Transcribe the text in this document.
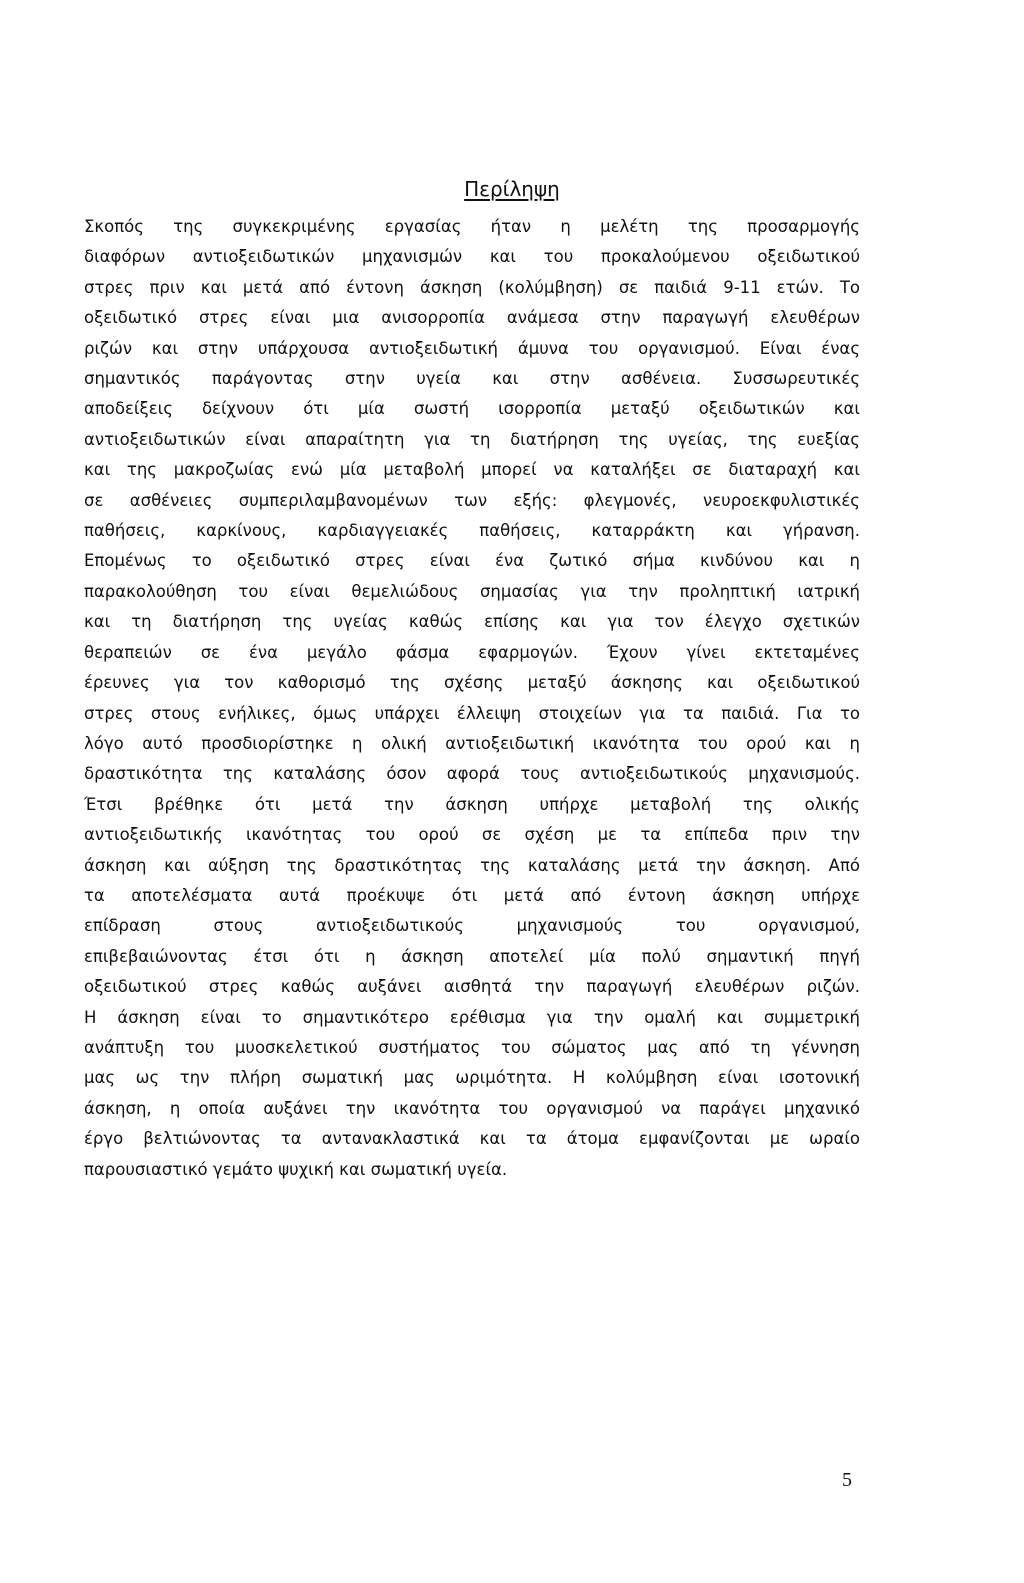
Περίληψη
Σκοπός της συγκεκριμένης εργασίας ήταν η μελέτη της προσαρμογής
διαφόρων αντιοξειδωτικών μηχανισμών και του προκαλούμενου οξειδωτικού
στρες πριν και μετά από έντονη άσκηση (κολύμβηση) σε παιδιά 9-11 ετών. Το
οξειδωτικό στρες είναι μια ανισορροπία ανάμεσα στην παραγωγή ελευθέρων
ριζών και στην υπάρχουσα αντιοξειδωτική άμυνα του οργανισμού. Είναι ένας
σημαντικός παράγοντας στην υγεία και στην ασθένεια. Συσσωρευτικές
αποδείξεις δείχνουν ότι μία σωστή ισορροπία μεταξύ οξειδωτικών και
αντιοξειδωτικών είναι απαραίτητη για τη διατήρηση της υγείας, της ευεξίας
και της μακροζωίας ενώ μία μεταβολή μπορεί να καταλήξει σε διαταραχή και
σε ασθένειες συμπεριλαμβανομένων των εξής: φλεγμονές, νευροεκφυλιστικές
παθήσεις, καρκίνους, καρδιαγγειακές παθήσεις, καταρράκτη και γήρανση.
Επομένως το οξειδωτικό στρες είναι ένα ζωτικό σήμα κινδύνου και η
παρακολούθηση του είναι θεμελιώδους σημασίας για την προληπτική ιατρική
και τη διατήρηση της υγείας καθώς επίσης και για τον έλεγχο σχετικών
θεραπειών σε ένα μεγάλο φάσμα εφαρμογών. Έχουν γίνει εκτεταμένες
έρευνες για τον καθορισμό της σχέσης μεταξύ άσκησης και οξειδωτικού
στρες στους ενήλικες, όμως υπάρχει έλλειψη στοιχείων για τα παιδιά. Για το
λόγο αυτό προσδιορίστηκε η ολική αντιοξειδωτική ικανότητα του ορού και η
δραστικότητα της καταλάσης όσον αφορά τους αντιοξειδωτικούς μηχανισμούς.
Έτσι βρέθηκε ότι μετά την άσκηση υπήρχε μεταβολή της ολικής
αντιοξειδωτικής ικανότητας του ορού σε σχέση με τα επίπεδα πριν την
άσκηση και αύξηση της δραστικότητας της καταλάσης μετά την άσκηση. Από
τα αποτελέσματα αυτά προέκυψε ότι μετά από έντονη άσκηση υπήρχε
επίδραση στους αντιοξειδωτικούς μηχανισμούς του οργανισμού,
επιβεβαιώνοντας έτσι ότι η άσκηση αποτελεί μία πολύ σημαντική πηγή
οξειδωτικού στρες καθώς αυξάνει αισθητά την παραγωγή ελευθέρων ριζών.
Η άσκηση είναι το σημαντικότερο ερέθισμα για την ομαλή και συμμετρική
ανάπτυξη του μυοσκελετικού συστήματος του σώματος μας από τη γέννηση
μας ως την πλήρη σωματική μας ωριμότητα. Η κολύμβηση είναι ισοτονική
άσκηση, η οποία αυξάνει την ικανότητα του οργανισμού να παράγει μηχανικό
έργο βελτιώνοντας τα αντανακλαστικά και τα άτομα εμφανίζονται με ωραίο
παρουσιαστικό γεμάτο ψυχική και σωματική υγεία.
5
